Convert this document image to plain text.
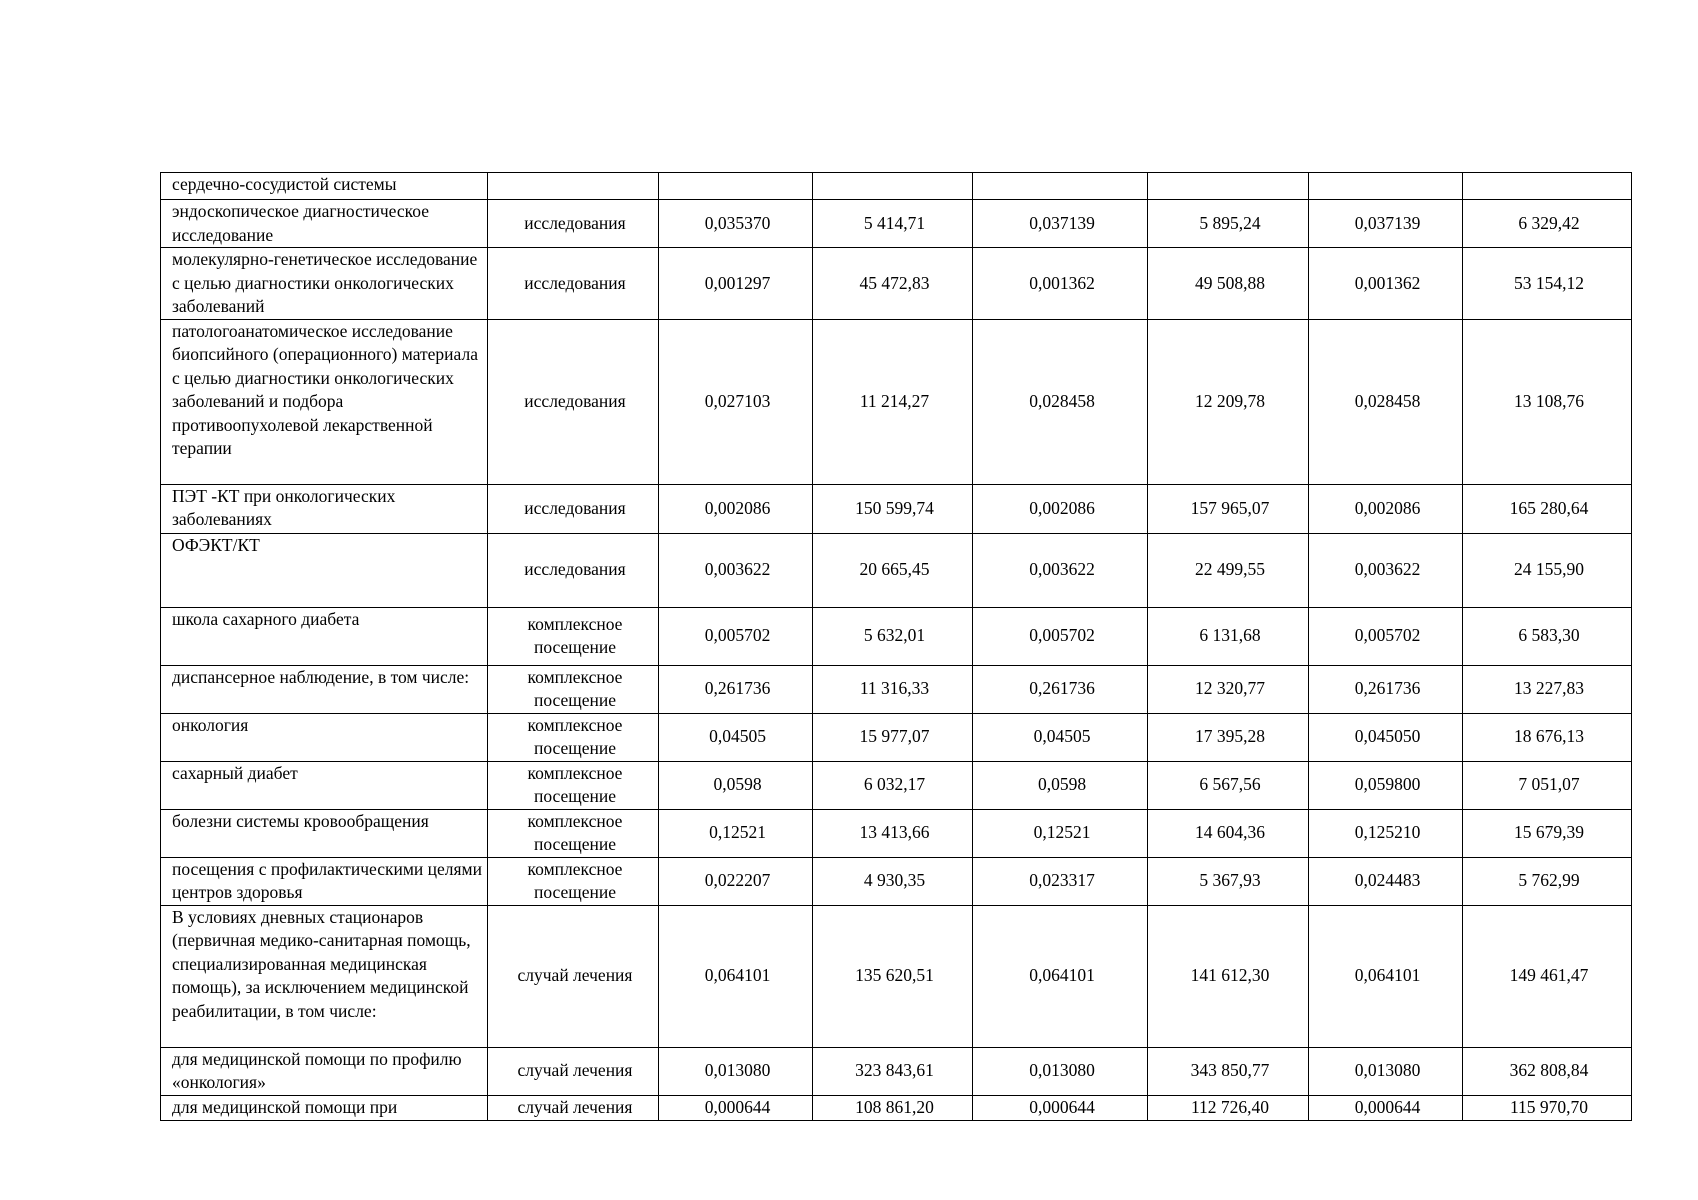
сердечно-сосудистой системы							

эндоскопическое диагностическое исследование	исследования	0,035370	5 414,71	0,037139	5 895,24	0,037139	6 329,42

молекулярно-генетическое исследование с целью диагностики онкологических заболеваний	исследования	0,001297	45 472,83	0,001362	49 508,88	0,001362	53 154,12

патологоанатомическое исследование биопсийного (операционного) материала с целью диагностики онкологических заболеваний и подбора противоопухолевой лекарственной терапии	исследования	0,027103	11 214,27	0,028458	12 209,78	0,028458	13 108,76

ПЭТ -КТ при онкологических заболеваниях	исследования	0,002086	150 599,74	0,002086	157 965,07	0,002086	165 280,64

ОФЭКТ/КТ	исследования	0,003622	20 665,45	0,003622	22 499,55	0,003622	24 155,90

школа сахарного диабета	комплексное посещение	0,005702	5 632,01	0,005702	6 131,68	0,005702	6 583,30

диспансерное наблюдение, в том числе:	комплексное посещение	0,261736	11 316,33	0,261736	12 320,77	0,261736	13 227,83

онкология	комплексное посещение	0,04505	15 977,07	0,04505	17 395,28	0,045050	18 676,13

сахарный диабет	комплексное посещение	0,0598	6 032,17	0,0598	6 567,56	0,059800	7 051,07

болезни системы кровообращения	комплексное посещение	0,12521	13 413,66	0,12521	14 604,36	0,125210	15 679,39

посещения с профилактическими целями центров здоровья	комплексное посещение	0,022207	4 930,35	0,023317	5 367,93	0,024483	5 762,99

В условиях дневных стационаров (первичная медико-санитарная помощь, специализированная медицинская помощь), за исключением медицинской реабилитации, в том числе:	случай лечения	0,064101	135 620,51	0,064101	141 612,30	0,064101	149 461,47

для медицинской помощи по профилю «онкология»	случай лечения	0,013080	323 843,61	0,013080	343 850,77	0,013080	362 808,84

для медицинской помощи при	случай лечения	0,000644	108 861,20	0,000644	112 726,40	0,000644	115 970,70
